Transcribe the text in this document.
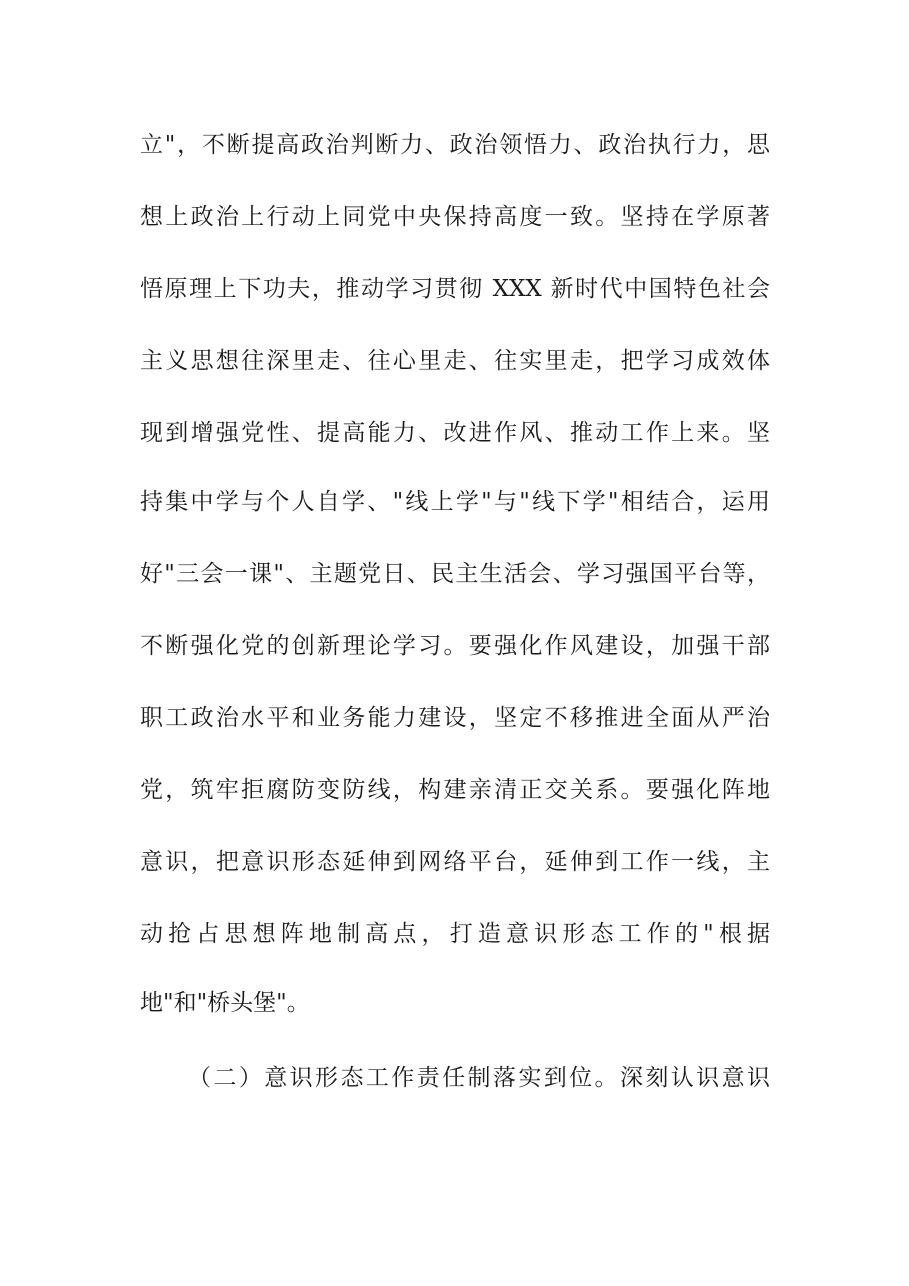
立"，不断提高政治判断力、政治领悟力、政治执行力，思
想上政治上行动上同党中央保持高度一致。坚持在学原著
悟原理上下功夫，推动学习贯彻 XXX 新时代中国特色社会
主义思想往深里走、往心里走、往实里走，把学习成效体
现到增强党性、提高能力、改进作风、推动工作上来。坚
持集中学与个人自学、"线上学"与"线下学"相结合，运用
好"三会一课"、主题党日、民主生活会、学习强国平台等，
不断强化党的创新理论学习。要强化作风建设，加强干部
职工政治水平和业务能力建设，坚定不移推进全面从严治
党，筑牢拒腐防变防线，构建亲清正交关系。要强化阵地
意识，把意识形态延伸到网络平台，延伸到工作一线，主
动抢占思想阵地制高点，打造意识形态工作的"根据
地"和"桥头堡"。
（二）意识形态工作责任制落实到位。深刻认识意识
